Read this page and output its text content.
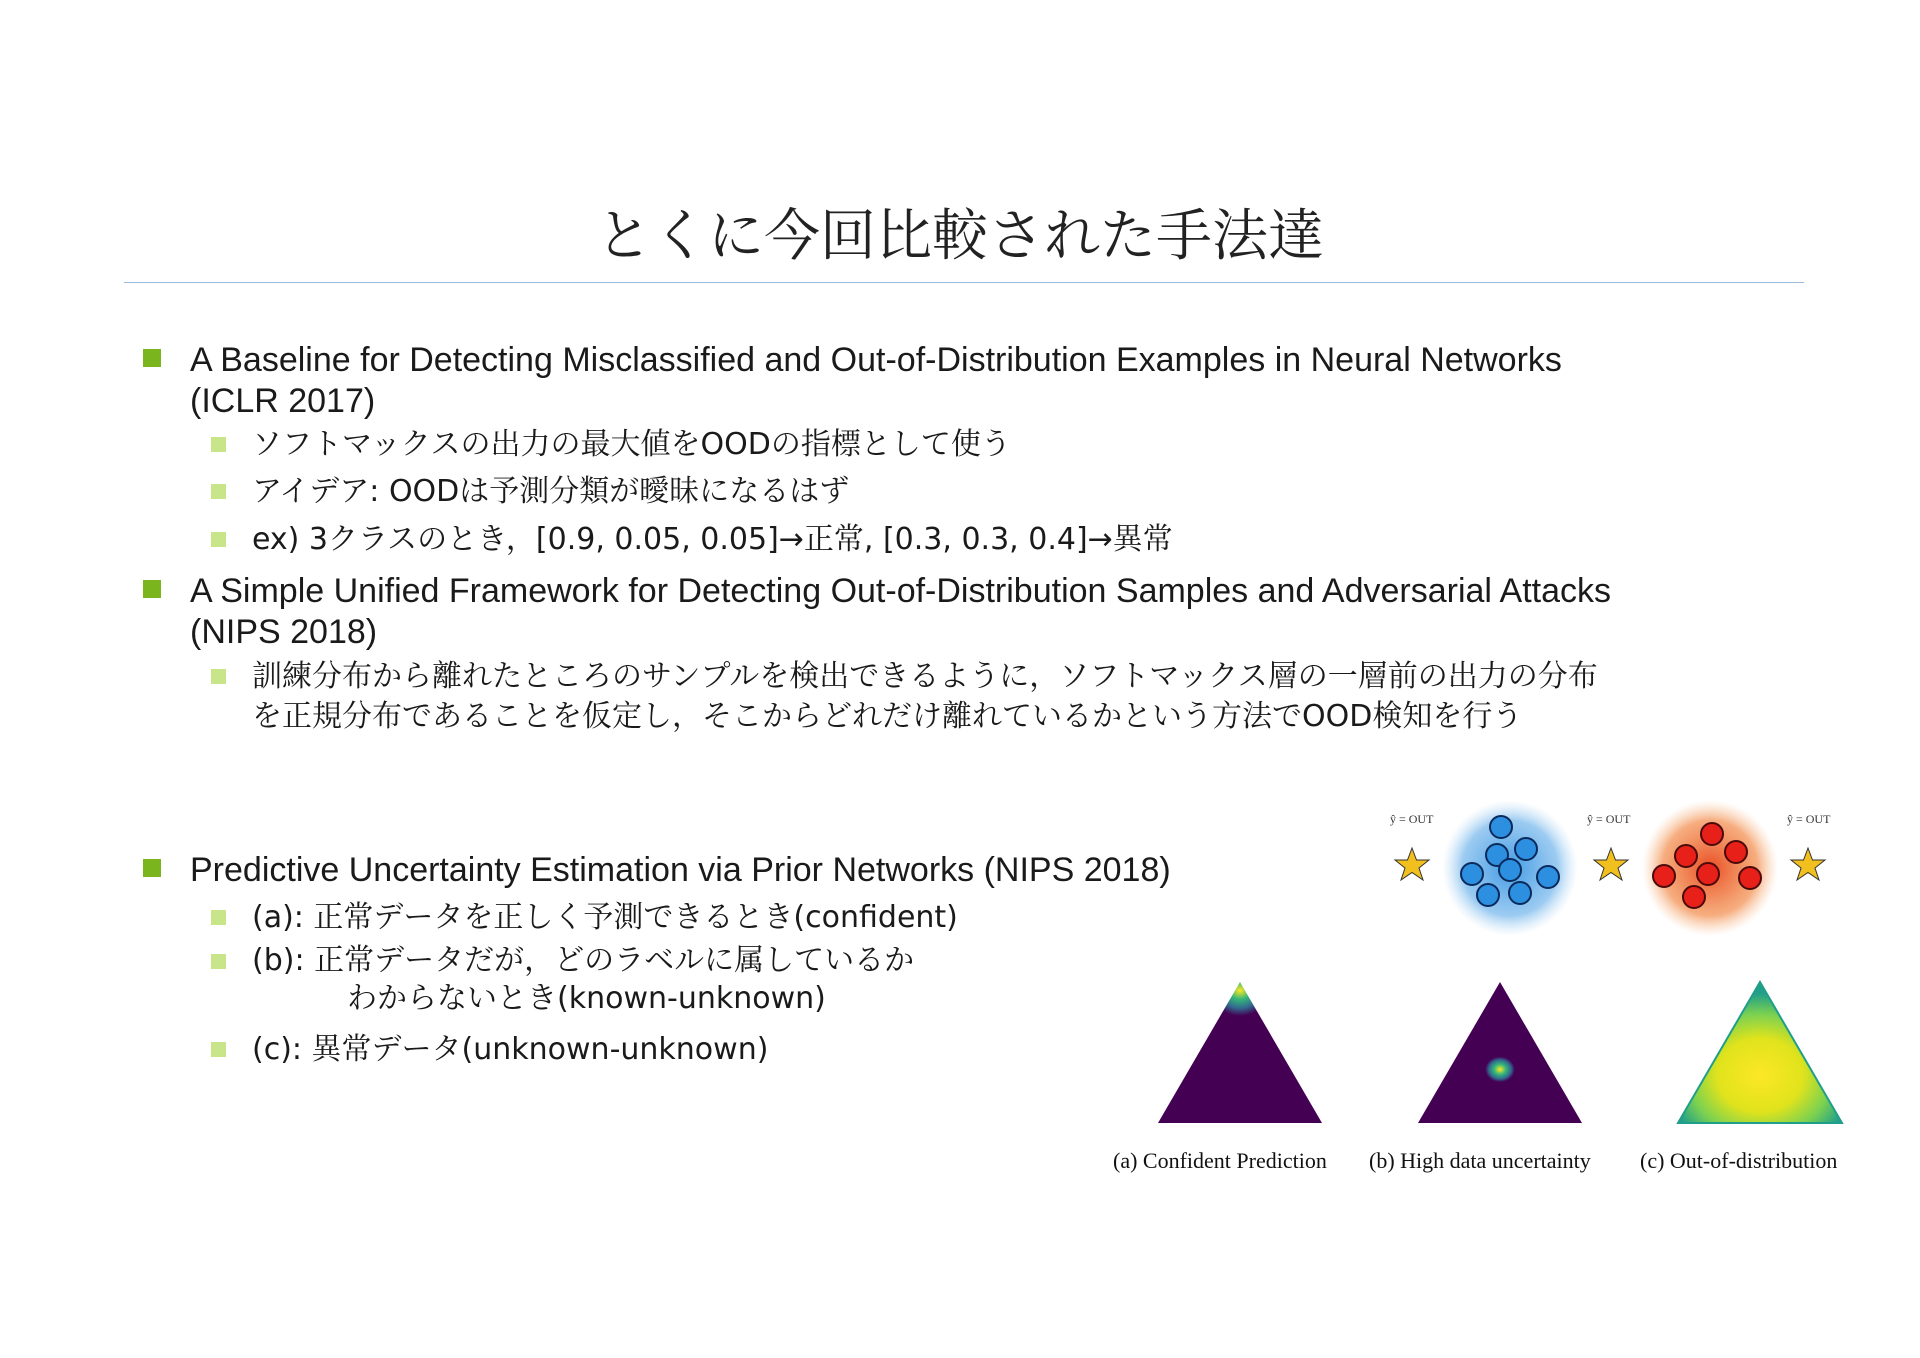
とくに今回比較された手法達
A Baseline for Detecting Misclassified and Out-of-Distribution Examples in Neural Networks
(ICLR 2017)
ソフトマックスの出力の最大値をOODの指標として使う
アイデア: OODは予測分類が曖昧になるはず
ex) 3クラスのとき，[0.9, 0.05, 0.05]→正常, [0.3, 0.3, 0.4]→異常
A Simple Unified Framework for Detecting Out-of-Distribution Samples and Adversarial Attacks
(NIPS 2018)
訓練分布から離れたところのサンプルを検出できるように，ソフトマックス層の一層前の出力の分布
を正規分布であることを仮定し，そこからどれだけ離れているかという方法でOOD検知を行う
Predictive Uncertainty Estimation via Prior Networks (NIPS 2018)
(a): 正常データを正しく予測できるとき(confident)
(b): 正常データだが，どのラベルに属しているか
わからないとき(known-unknown)
(c): 異常データ(unknown-unknown)
ŷ = OUT	ŷ = OUT	ŷ = OUT
(a) Confident Prediction (b) High data uncertainty (c) Out-of-distribution
